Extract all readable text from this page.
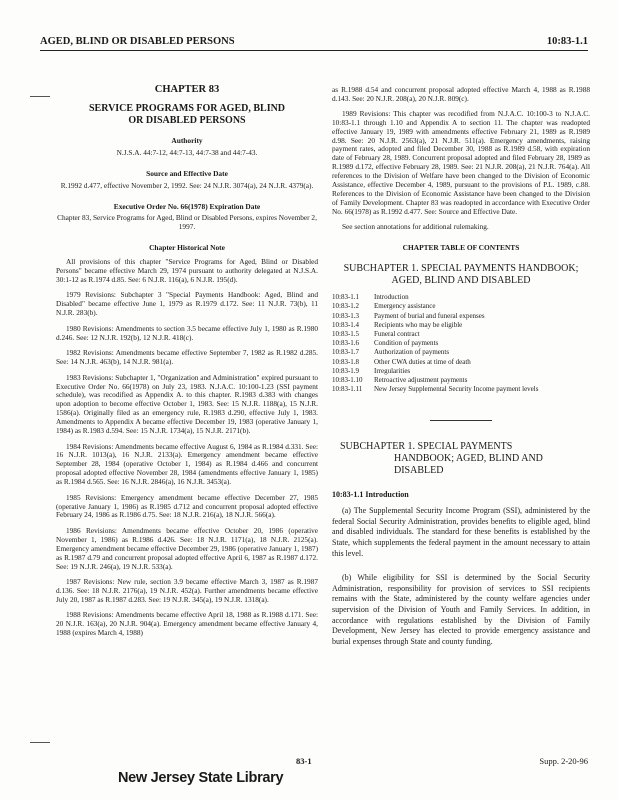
AGED, BLIND OR DISABLED PERSONS	10:83-1.1
CHAPTER 83
SERVICE PROGRAMS FOR AGED, BLIND
OR DISABLED PERSONS
Authority
N.J.S.A. 44:7-12, 44:7-13, 44:7-38 and 44:7-43.
Source and Effective Date
R.1992 d.477, effective November 2, 1992. See: 24 N.J.R. 3074(a), 24 N.J.R. 4379(a).
Executive Order No. 66(1978) Expiration Date
Chapter 83, Service Programs for Aged, Blind or Disabled Persons, expires November 2, 1997.
Chapter Historical Note

All provisions of this chapter "Service Programs for Aged, Blind or Disabled Persons" became effective March 29, 1974 pursuant to authority delegated at N.J.S.A. 30:1-12 as R.1974 d.85. See: 6 N.J.R. 116(a), 6 N.J.R. 195(d).

1979 Revisions: Subchapter 3 "Special Payments Handbook: Aged, Blind and Disabled" became effective June 1, 1979 as R.1979 d.172. See: 11 N.J.R. 73(b), 11 N.J.R. 283(b).

1980 Revisions: Amendments to section 3.5 became effective July 1, 1980 as R.1980 d.246. See: 12 N.J.R. 192(b), 12 N.J.R. 418(c).

1982 Revisions: Amendments became effective September 7, 1982 as R.1982 d.285. See: 14 N.J.R. 463(b), 14 N.J.R. 981(a).

1983 Revisions: Subchapter 1, "Organization and Administration" expired pursuant to Executive Order No. 66(1978) on July 23, 1983. N.J.A.C. 10:100-1.23 (SSI payment schedule), was recodified as Appendix A. to this chapter. R.1983 d.383 with changes upon adoption to become effective October 1, 1983. See: 15 N.J.R. 1188(a), 15 N.J.R. 1586(a). Originally filed as an emergency rule, R.1983 d.290, effective July 1, 1983. Amendments to Appendix A became effective December 19, 1983 (operative January 1, 1984) as R.1983 d.594. See: 15 N.J.R. 1734(a), 15 N.J.R. 2171(b).

1984 Revisions: Amendments became effective August 6, 1984 as R.1984 d.331. See: 16 N.J.R. 1013(a), 16 N.J.R. 2133(a). Emergency amendment became effective September 28, 1984 (operative October 1, 1984) as R.1984 d.466 and concurrent proposal adopted effective November 28, 1984 (amendments effective January 1, 1985) as R.1984 d.565. See: 16 N.J.R. 2846(a), 16 N.J.R. 3453(a).

1985 Revisions: Emergency amendment became effective December 27, 1985 (operative January 1, 1986) as R.1985 d.712 and concurrent proposal adopted effective February 24, 1986 as R.1986 d.75. See: 18 N.J.R. 216(a), 18 N.J.R. 566(a).

1986 Revisions: Amendments became effective October 20, 1986 (operative November 1, 1986) as R.1986 d.426. See: 18 N.J.R. 1171(a), 18 N.J.R. 2125(a). Emergency amendment became effective December 29, 1986 (operative January 1, 1987) as R.1987 d.79 and concurrent proposal adopted effective April 6, 1987 as R.1987 d.172. See: 19 N.J.R. 246(a), 19 N.J.R. 533(a).

1987 Revisions: New rule, section 3.9 became effective March 3, 1987 as R.1987 d.136. See: 18 N.J.R. 2176(a), 19 N.J.R. 452(a). Further amendments became effective July 20, 1987 as R.1987 d.283. See: 19 N.J.R. 345(a), 19 N.J.R. 1318(a).

1988 Revisions: Amendments became effective April 18, 1988 as R.1988 d.171. See: 20 N.J.R. 163(a), 20 N.J.R. 904(a). Emergency amendment became effective January 4, 1988 (expires March 4, 1988)

as R.1988 d.54 and concurrent proposal adopted effective March 4, 1988 as R.1988 d.143. See: 20 N.J.R. 208(a), 20 N.J.R. 809(c).

1989 Revisions: This chapter was recodified from N.J.A.C. 10:100-3 to N.J.A.C. 10:83-1.1 through 1.10 and Appendix A to section 11. The chapter was readopted effective January 19, 1989 with amendments effective February 21, 1989 as R.1989 d.98. See: 20 N.J.R. 2563(a), 21 N.J.R. 511(a). Emergency amendments, raising payment rates, adopted and filed December 30, 1988 as R.1989 d.58, with expiration date of February 28, 1989. Concurrent proposal adopted and filed February 28, 1989 as R.1989 d.172, effective February 28, 1989. See: 21 N.J.R. 208(a), 21 N.J.R. 764(a). All references to the Division of Welfare have been changed to the Division of Economic Assistance, effective December 4, 1989, pursuant to the provisions of P.L. 1989, c.88. References to the Division of Economic Assistance have been changed to the Division of Family Development. Chapter 83 was readopted in accordance with Executive Order No. 66(1978) as R.1992 d.477. See: Source and Effective Date.

See section annotations for additional rulemaking.

CHAPTER TABLE OF CONTENTS
SUBCHAPTER 1. SPECIAL PAYMENTS HANDBOOK;
AGED, BLIND AND DISABLED
10:83-1.1	Introduction
10:83-1.2	Emergency assistance
10:83-1.3	Payment of burial and funeral expenses
10:83-1.4	Recipients who may be eligible
10:83-1.5	Funeral contract
10:83-1.6	Condition of payments
10:83-1.7	Authorization of payments
10:83-1.8	Other CWA duties at time of death
10:83-1.9	Irregularities
10:83-1.10	Retroactive adjustment payments
10:83-1.11	New Jersey Supplemental Security Income payment levels
SUBCHAPTER 1. SPECIAL PAYMENTS
HANDBOOK; AGED, BLIND AND
DISABLED
10:83-1.1 Introduction

(a) The Supplemental Security Income Program (SSI), administered by the federal Social Security Administration, provides benefits to eligible aged, blind and disabled individuals. The standard for these benefits is established by the State, which supplements the federal payment in the amount necessary to attain this level.

(b) While eligibility for SSI is determined by the Social Security Administration, responsibility for provision of services to SSI recipients remains with the State, administered by the county welfare agencies under supervision of the Division of Youth and Family Services. In addition, in accordance with regulations established by the Division of Family Development, New Jersey has elected to provide emergency assistance and burial expenses through State and county funding.

83-1	Supp. 2-20-96
New Jersey State Library
